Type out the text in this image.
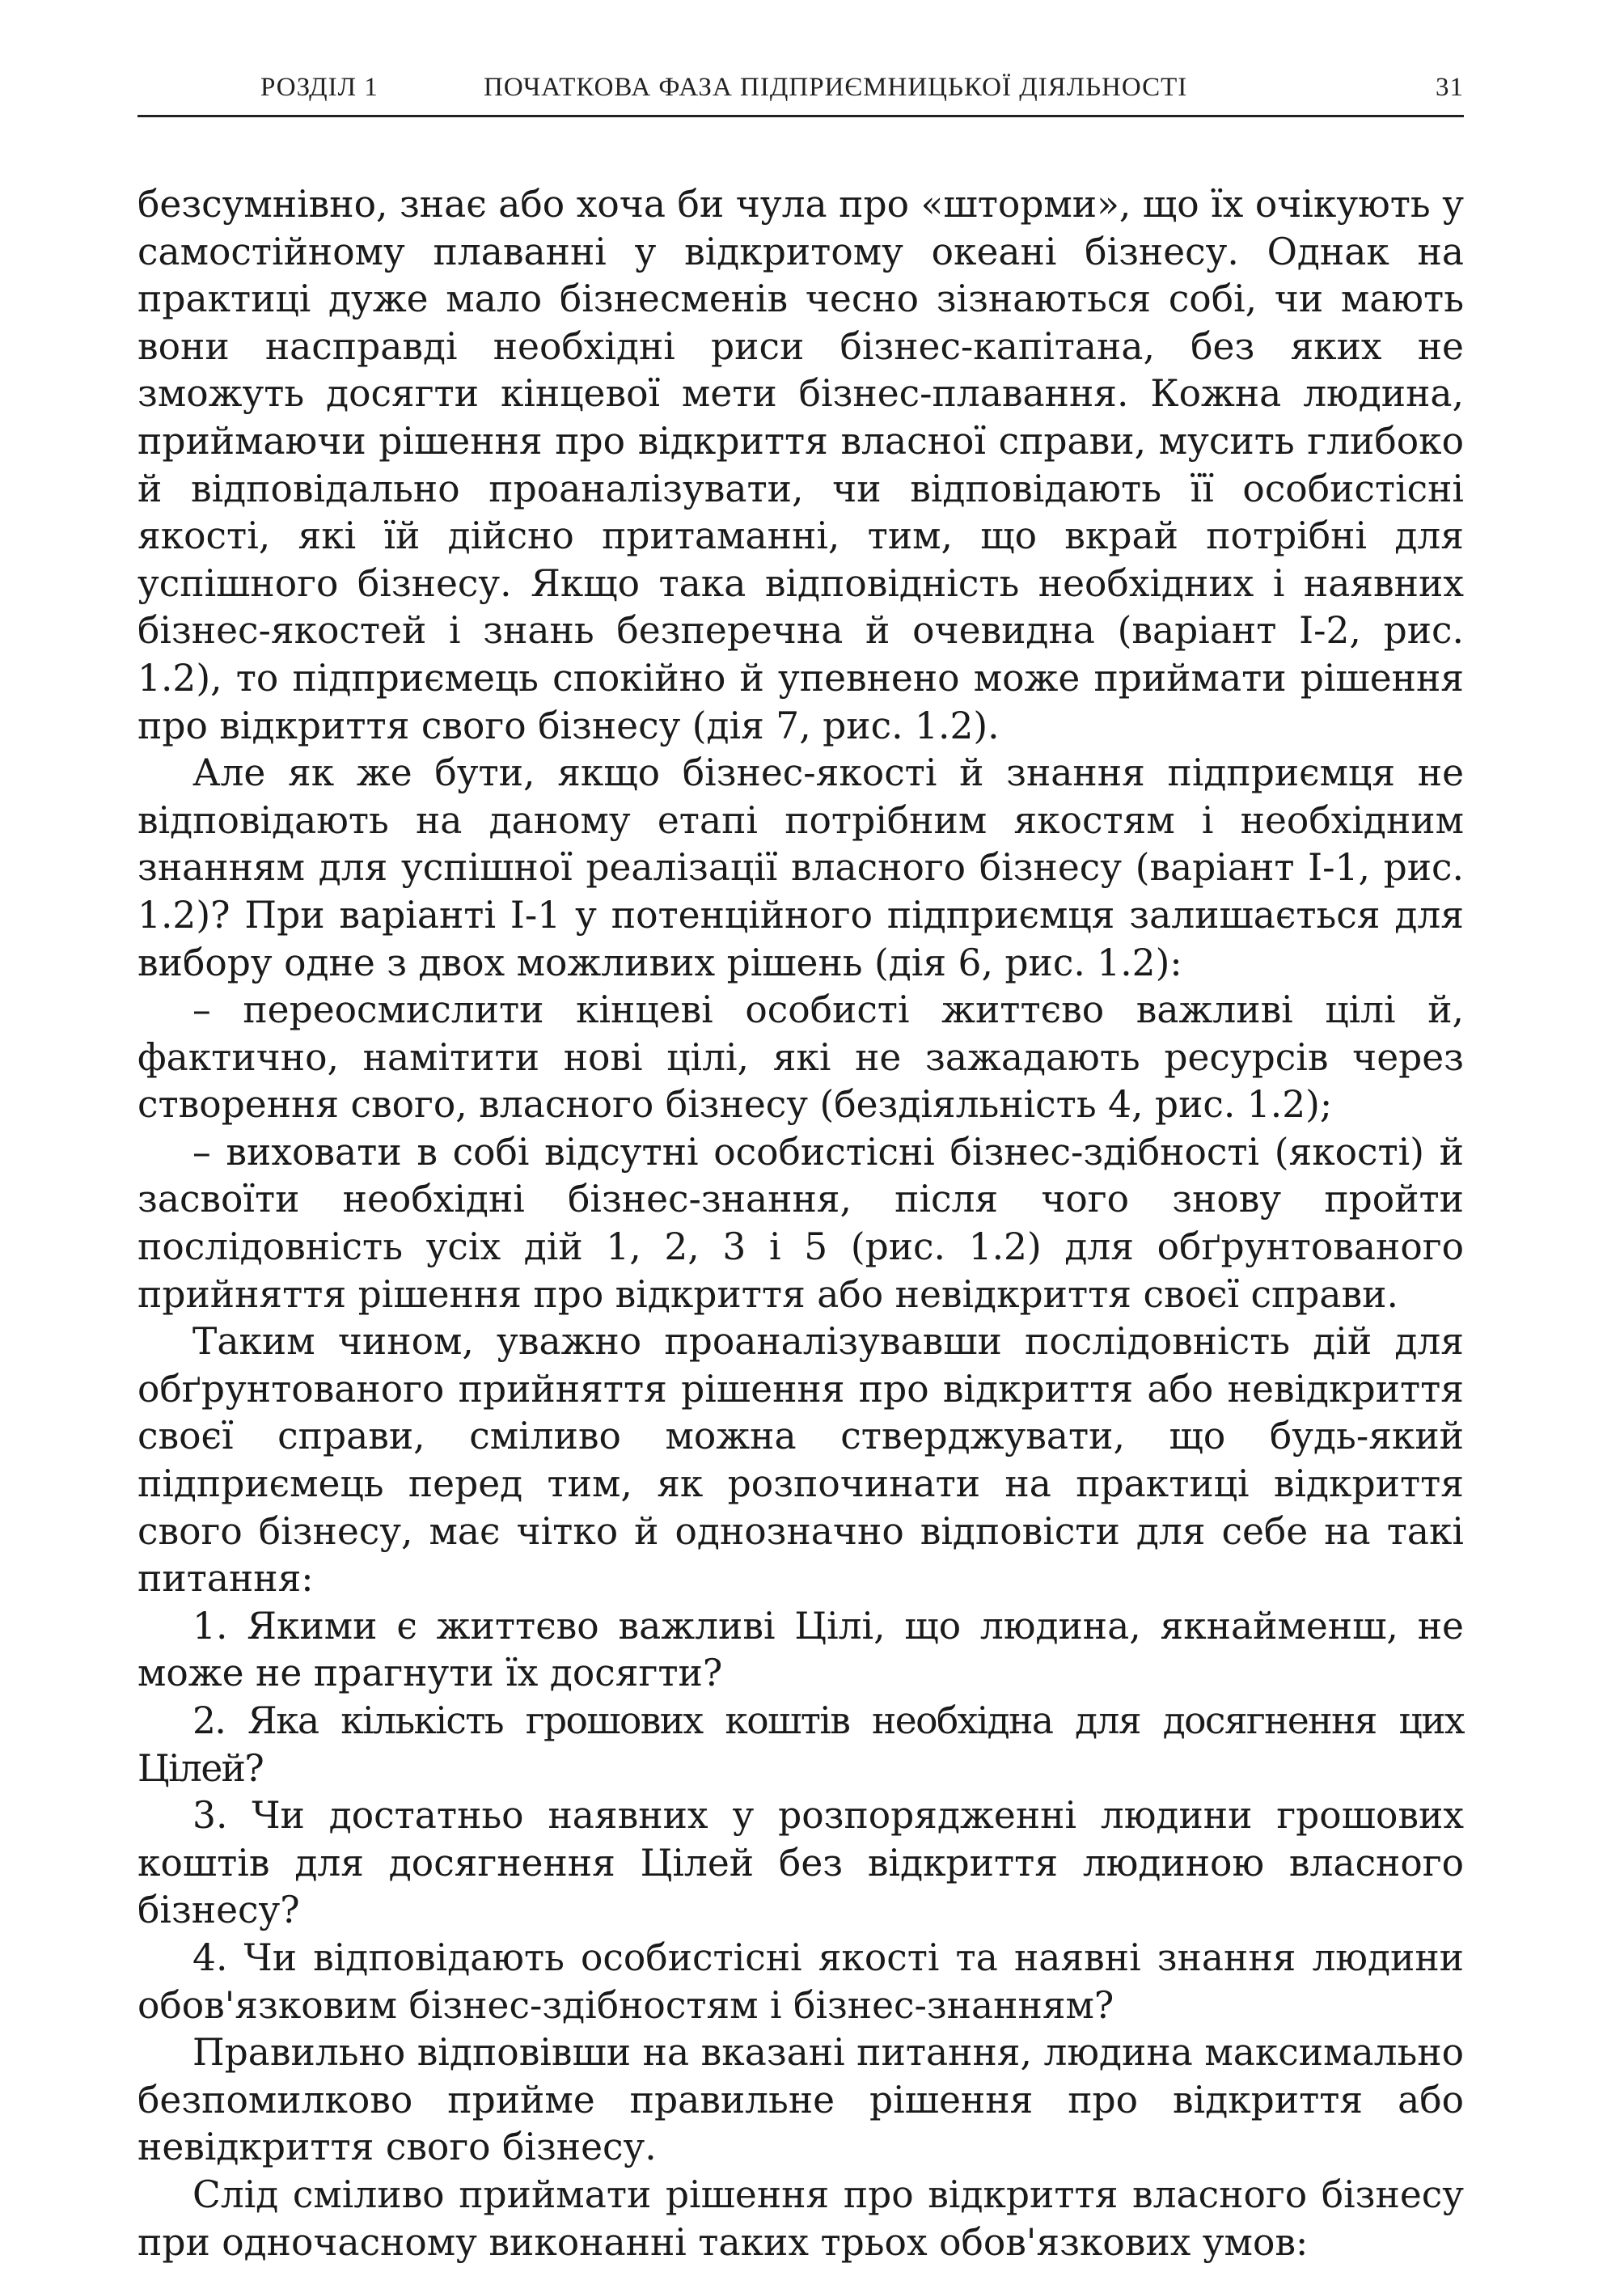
РОЗДІЛ 1	ПОЧАТКОВА ФАЗА ПІДПРИЄМНИЦЬКОЇ ДІЯЛЬНОСТІ	31

безсумнівно, знає або хоча би чула про «шторми», що їх очікують у самостійному плаванні у відкритому океані бізнесу. Однак на практиці дуже мало бізнесменів чесно зізнаються собі, чи мають вони насправді необхідні риси бізнес-капітана, без яких не зможуть досягти кінцевої мети бізнес-плавання. Кожна людина, приймаючи рішення про відкриття власної справи, мусить глибоко й відповідально проаналізувати, чи відповідають її особистісні якості, які їй дійсно притаманні, тим, що вкрай потрібні для успішного бізнесу. Якщо така відповідність необхідних і наявних бізнес-якостей і знань безперечна й очевидна (варіант І-2, рис. 1.2), то підприємець спокійно й упевнено може приймати рішення про відкриття свого бізнесу (дія 7, рис. 1.2).

Але як же бути, якщо бізнес-якості й знання підприємця не відповідають на даному етапі потрібним якостям і необхідним знанням для успішної реалізації власного бізнесу (варіант І-1, рис. 1.2)? При варіанті І-1 у потенційного підприємця залишається для вибору одне з двох можливих рішень (дія 6, рис. 1.2):

– переосмислити кінцеві особисті життєво важливі цілі й, фактично, намітити нові цілі, які не зажадають ресурсів через створення свого, власного бізнесу (бездіяльність 4, рис. 1.2);

– виховати в собі відсутні особистісні бізнес-здібності (якості) й засвоїти необхідні бізнес-знання, після чого знову пройти послідовність усіх дій 1, 2, 3 і 5 (рис. 1.2) для обґрунтованого прийняття рішення про відкриття або невідкриття своєї справи.

Таким чином, уважно проаналізувавши послідовність дій для обґрунтованого прийняття рішення про відкриття або невідкриття своєї справи, сміливо можна стверджувати, що будь-який підприємець перед тим, як розпочинати на практиці відкриття свого бізнесу, має чітко й однозначно відповісти для себе на такі питання:

1. Якими є життєво важливі Цілі, що людина, якнайменш, не може не прагнути їх досягти?

2. Яка кількість грошових коштів необхідна для досягнення цих Цілей?

3. Чи достатньо наявних у розпорядженні людини грошових коштів для досягнення Цілей без відкриття людиною власного бізнесу?

4. Чи відповідають особистісні якості та наявні знання людини обов'язковим бізнес-здібностям і бізнес-знанням?

Правильно відповівши на вказані питання, людина максимально безпомилково прийме правильне рішення про відкриття або невідкриття свого бізнесу.

Слід сміливо приймати рішення про відкриття власного бізнесу при одночасному виконанні таких трьох обов'язкових умов:
